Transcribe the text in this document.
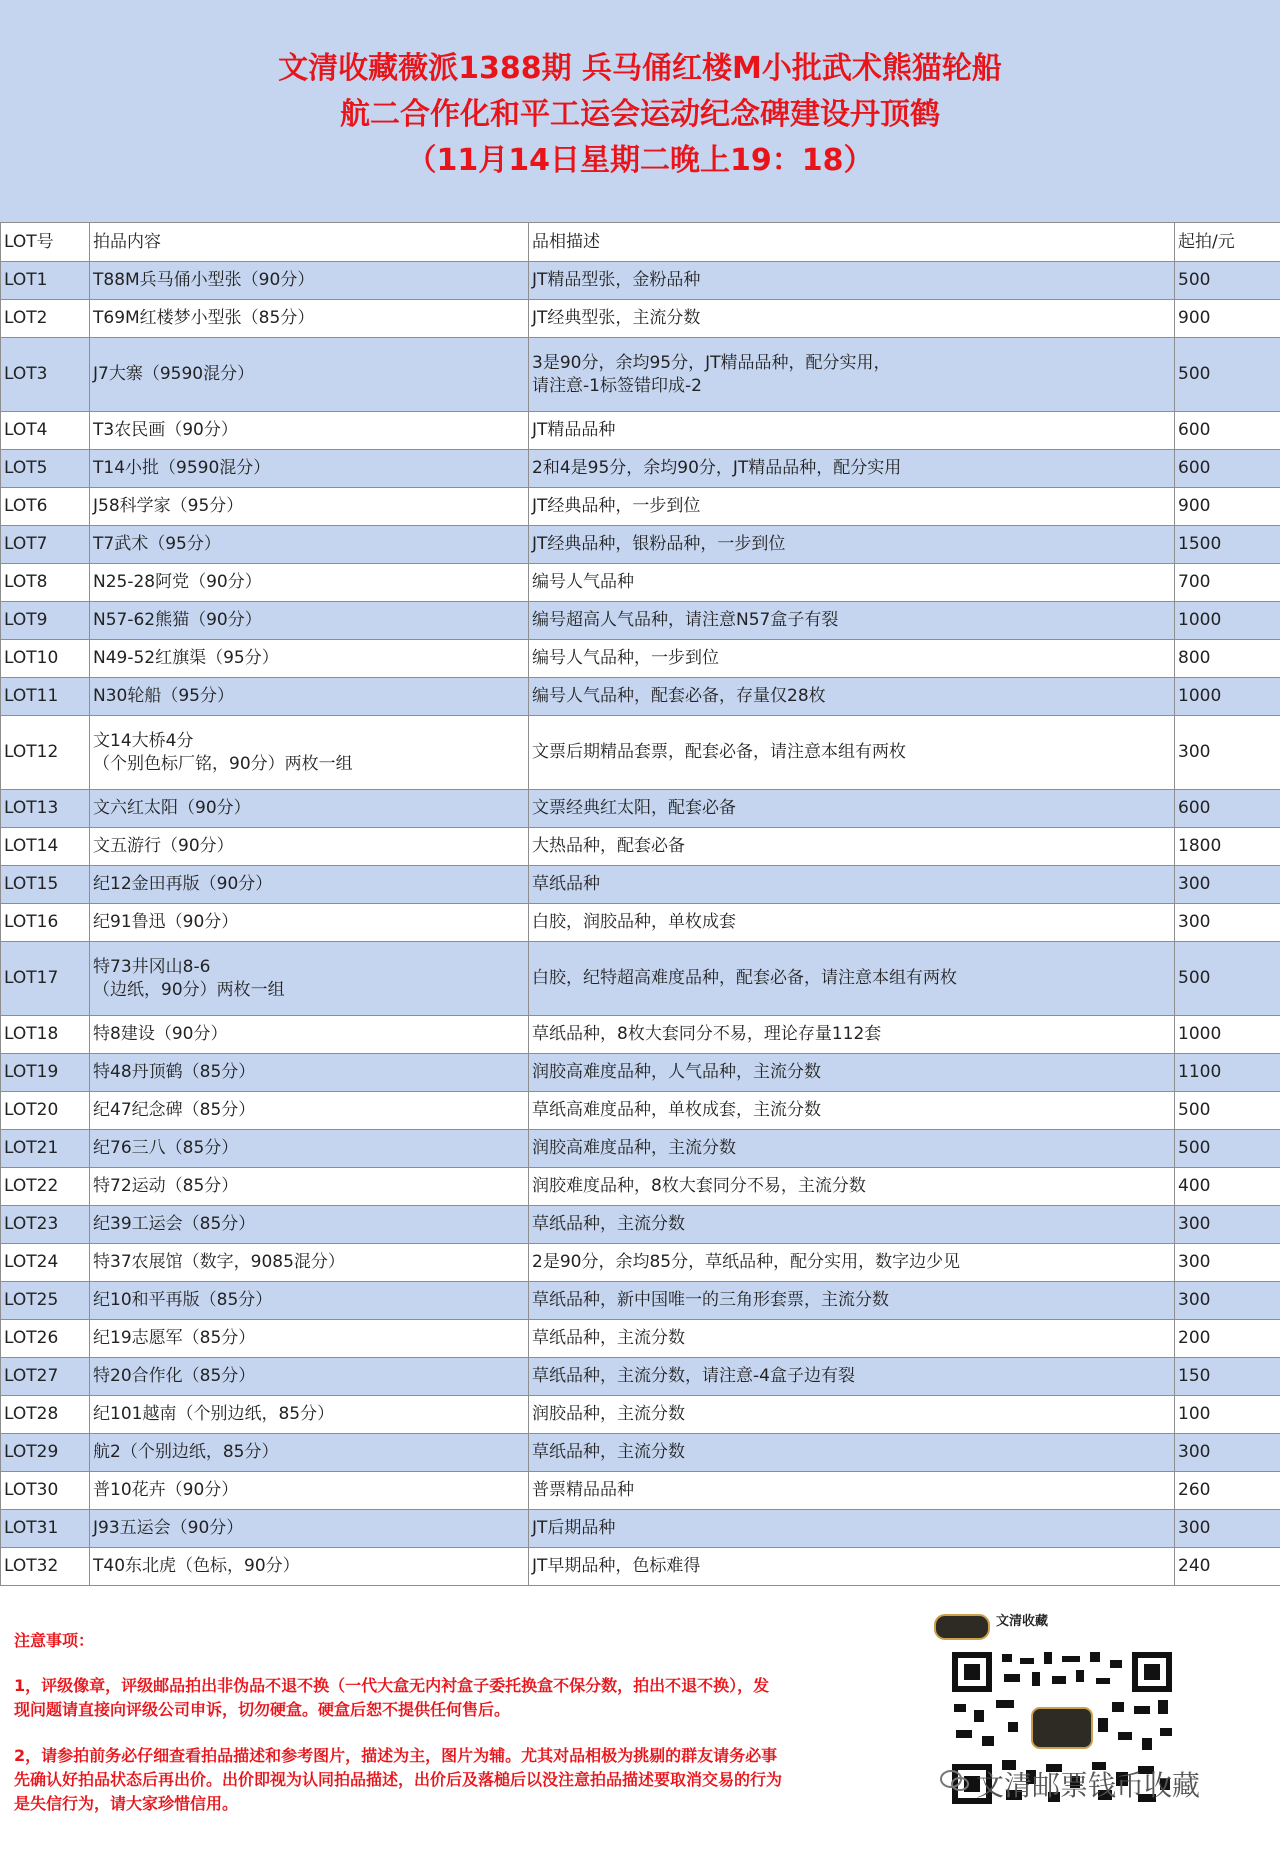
文清收藏薇派1388期 兵马俑红楼M小批武术熊猫轮船
航二合作化和平工运会运动纪念碑建设丹顶鹤
（11月14日星期二晚上19：18）
LOT号	拍品内容	品相描述	起拍/元

LOT1	T88M兵马俑小型张（90分）	JT精品型张，金粉品种	500

LOT2	T69M红楼梦小型张（85分）	JT经典型张，主流分数	900

LOT3	J7大寨（9590混分）	3是90分，余均95分，JT精品品种，配分实用，
请注意-1标签错印成-2	500

LOT4	T3农民画（90分）	JT精品品种	600

LOT5	T14小批（9590混分）	2和4是95分，余均90分，JT精品品种，配分实用	600

LOT6	J58科学家（95分）	JT经典品种，一步到位	900

LOT7	T7武术（95分）	JT经典品种，银粉品种，一步到位	1500

LOT8	N25-28阿党（90分）	编号人气品种	700

LOT9	N57-62熊猫（90分）	编号超高人气品种，请注意N57盒子有裂	1000

LOT10	N49-52红旗渠（95分）	编号人气品种，一步到位	800

LOT11	N30轮船（95分）	编号人气品种，配套必备，存量仅28枚	1000

LOT12	文14大桥4分
（个别色标厂铭，90分）两枚一组	文票后期精品套票，配套必备，请注意本组有两枚	300

LOT13	文六红太阳（90分）	文票经典红太阳，配套必备	600

LOT14	文五游行（90分）	大热品种，配套必备	1800

LOT15	纪12金田再版（90分）	草纸品种	300

LOT16	纪91鲁迅（90分）	白胶，润胶品种，单枚成套	300

LOT17	特73井冈山8-6
（边纸，90分）两枚一组	白胶，纪特超高难度品种，配套必备，请注意本组有两枚	500

LOT18	特8建设（90分）	草纸品种，8枚大套同分不易，理论存量112套	1000

LOT19	特48丹顶鹤（85分）	润胶高难度品种，人气品种，主流分数	1100

LOT20	纪47纪念碑（85分）	草纸高难度品种，单枚成套，主流分数	500

LOT21	纪76三八（85分）	润胶高难度品种，主流分数	500

LOT22	特72运动（85分）	润胶难度品种，8枚大套同分不易，主流分数	400

LOT23	纪39工运会（85分）	草纸品种，主流分数	300

LOT24	特37农展馆（数字，9085混分）	2是90分，余均85分，草纸品种，配分实用，数字边少见	300

LOT25	纪10和平再版（85分）	草纸品种，新中国唯一的三角形套票，主流分数	300

LOT26	纪19志愿军（85分）	草纸品种，主流分数	200

LOT27	特20合作化（85分）	草纸品种，主流分数，请注意-4盒子边有裂	150

LOT28	纪101越南（个别边纸，85分）	润胶品种，主流分数	100

LOT29	航2（个别边纸，85分）	草纸品种，主流分数	300

LOT30	普10花卉（90分）	普票精品品种	260

LOT31	J93五运会（90分）	JT后期品种	300

LOT32	T40东北虎（色标，90分）	JT早期品种，色标难得	240
注意事项：
1，评级像章，评级邮品拍出非伪品不退不换（一代大盒无内衬盒子委托换盒不保分数，拍出不退不换），发现问题请直接向评级公司申诉，切勿硬盒。硬盒后恕不提供任何售后。
2，请参拍前务必仔细查看拍品描述和参考图片，描述为主，图片为辅。尤其对品相极为挑剔的群友请务必事先确认好拍品状态后再出价。出价即视为认同拍品描述，出价后及落槌后以没注意拍品描述要取消交易的行为是失信行为，请大家珍惜信用。
文清收藏
文清邮票钱币收藏
